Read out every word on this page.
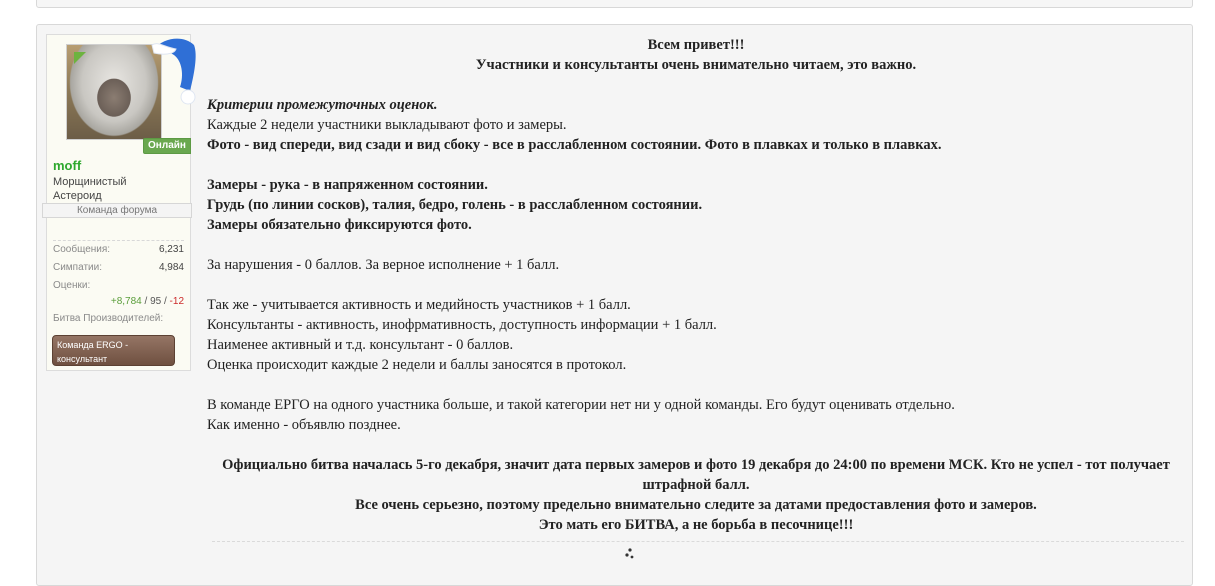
Онлайн
moff
Морщинистый Астероид
Команда форума
Сообщения:	6,231
Симпатии:	4,984
Оценки:
+8,784 / 95 / -12
Битва Производителей:
Команда ERGO - консультант
Всем привет!!!
Участники и консультанты очень внимательно читаем, это важно.
Критерии промежуточных оценок.
Каждые 2 недели участники выкладывают фото и замеры.
Фото - вид спереди, вид сзади и вид сбоку - все в расслабленном состоянии. Фото в плавках и только в плавках.
Замеры - рука - в напряженном состоянии.
Грудь (по линии сосков), талия, бедро, голень - в расслабленном состоянии.
Замеры обязательно фиксируются фото.
За нарушения - 0 баллов. За верное исполнение + 1 балл.
Так же - учитывается активность и медийность участников + 1 балл.
Консультанты - активность, инофрмативность, доступность информации + 1 балл.
Наименее активный и т.д. консультант - 0 баллов.
Оценка происходит каждые 2 недели и баллы заносятся в протокол.
В команде ЕРГО на одного участника больше, и такой категории нет ни у одной команды. Его будут оценивать отдельно.
Как именно - объявлю позднее.
Официально битва началась 5-го декабря, значит дата первых замеров и фото 19 декабря до 24:00 по времени МСК. Кто не успел - тот получает штрафной балл.
Все очень серьезно, поэтому предельно внимательно следите за датами предоставления фото и замеров.
Это мать его БИТВА, а не борьба в песочнице!!!
